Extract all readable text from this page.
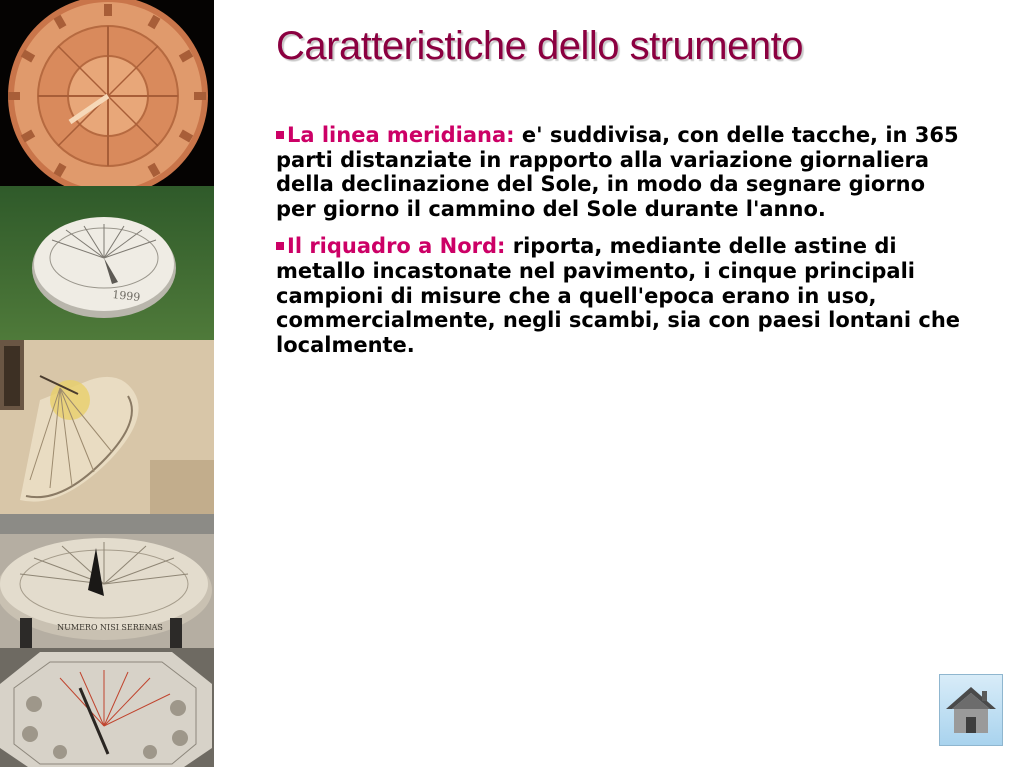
1999
NUMERO NISI SERENAS
Caratteristiche dello strumento

La linea meridiana: e' suddivisa, con delle tacche, in 365 parti distanziate in rapporto alla variazione giornaliera della declinazione del Sole, in modo da segnare giorno per giorno il cammino del Sole durante l'anno.

Il riquadro a Nord: riporta, mediante delle astine di metallo incastonate nel pavimento, i cinque principali campioni di misure che a quell'epoca erano in uso, commercialmente, negli scambi, sia con paesi lontani che localmente.
